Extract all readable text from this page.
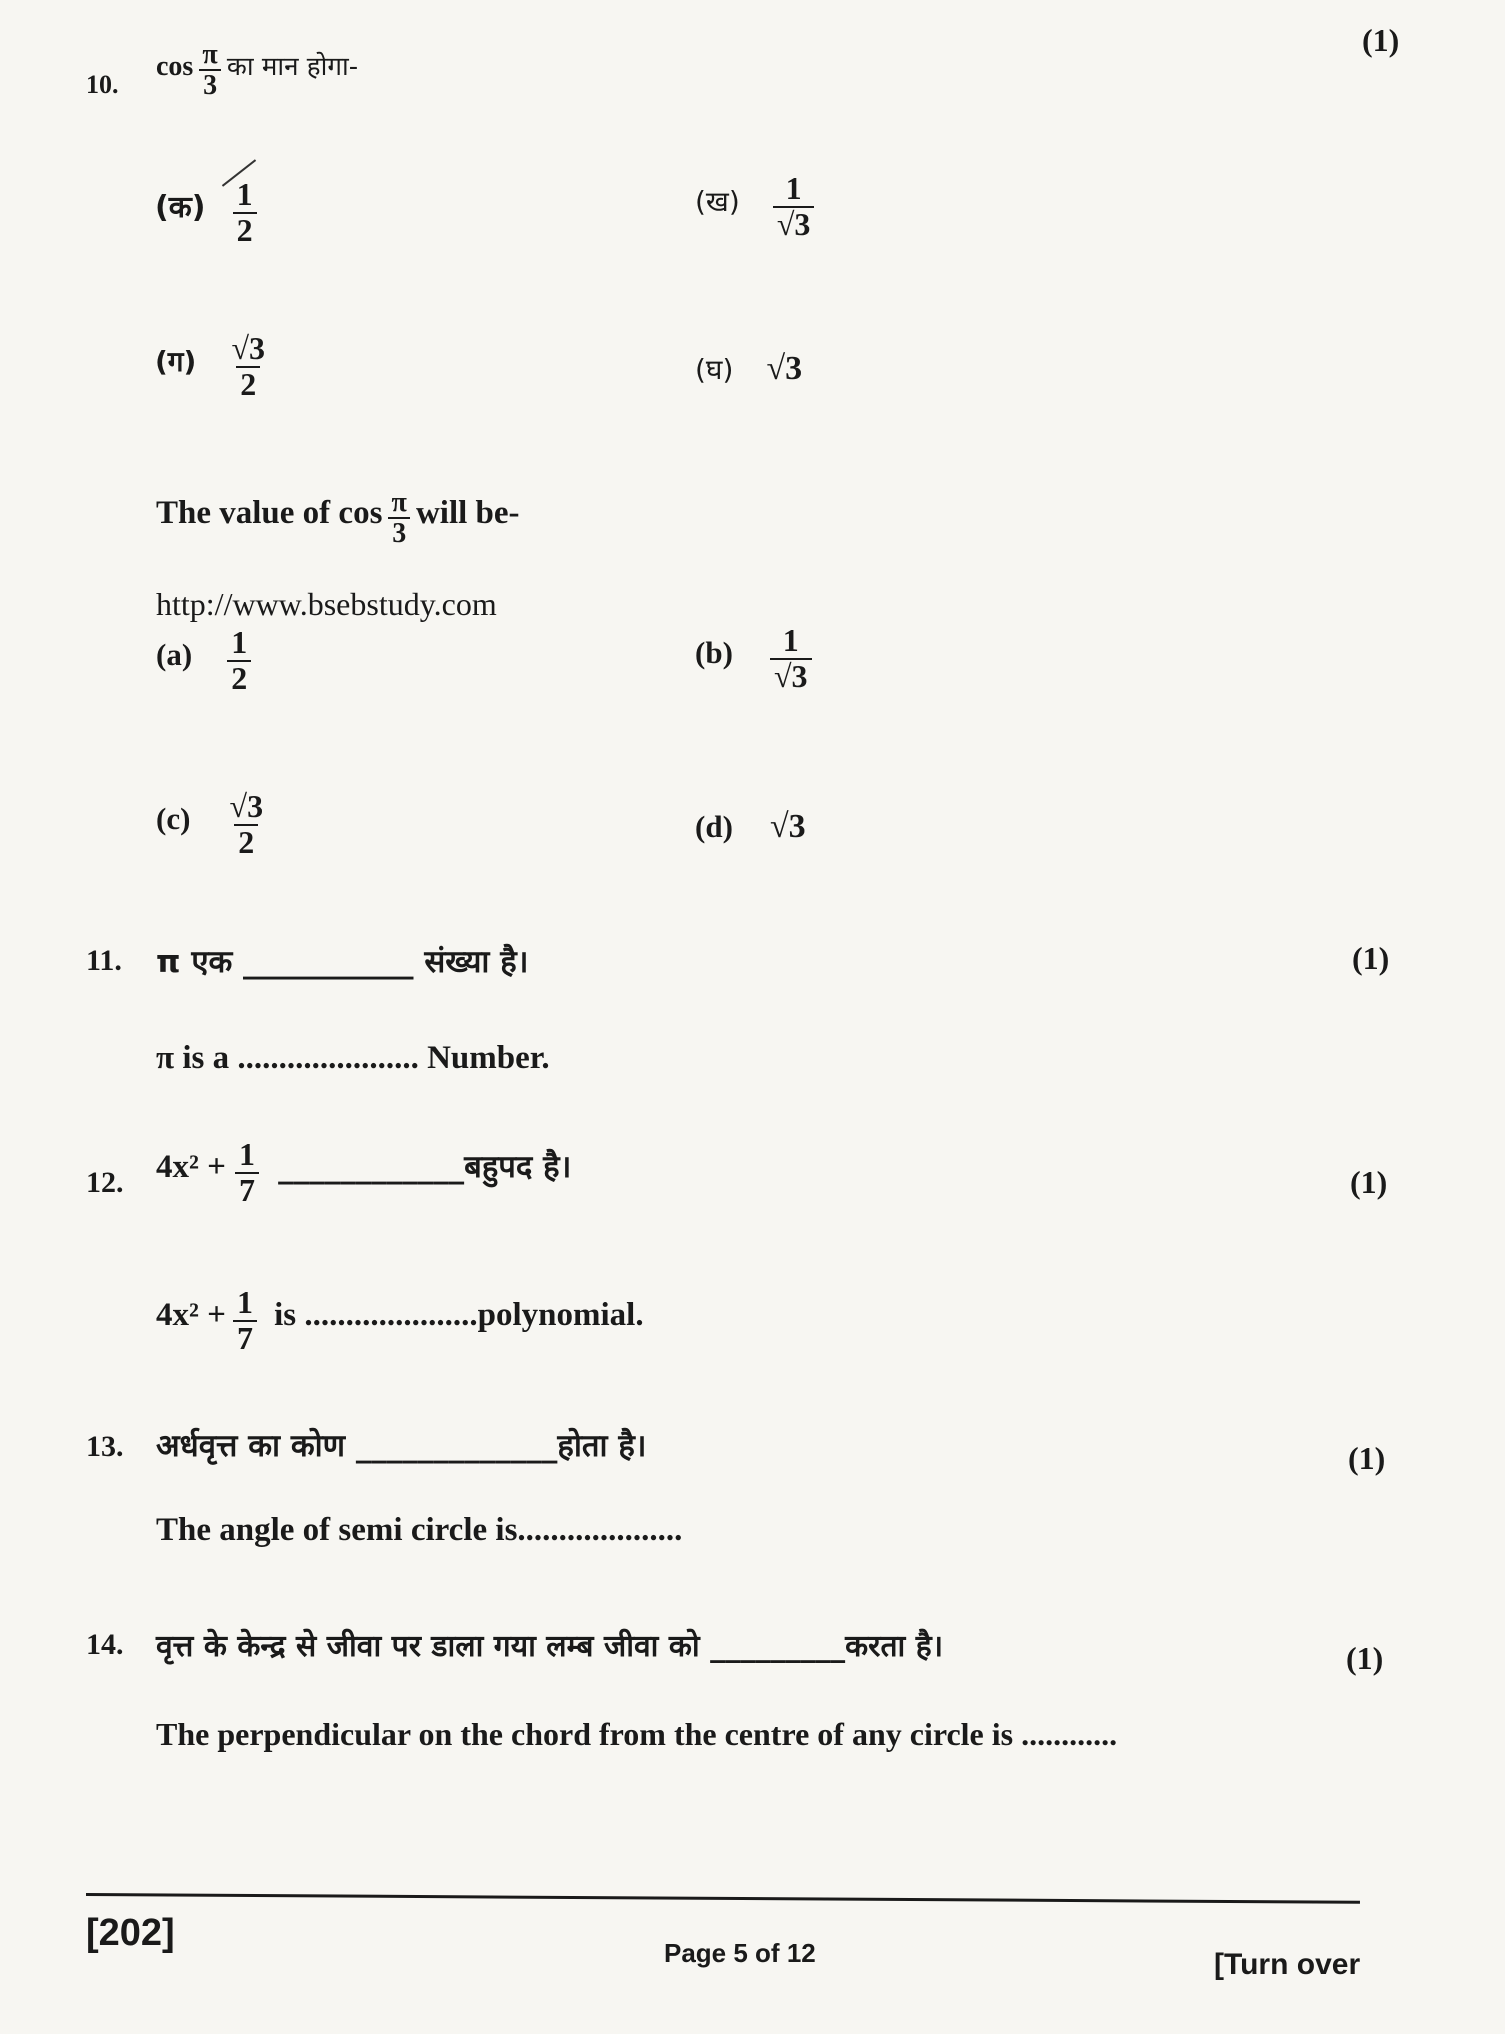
(1)
10.
$\cos \frac{\pi}{3}$ का मान होगा-
(क) $\frac{1}{2}$	(ख) $\frac{1}{√3}$
(ग) $\frac{√3}{2}$	(घ) √3
The value of $\cos \frac{\pi}{3}$ will be-
http://www.bsebstudy.com
$(a) \frac{1}{2}$	$(b) \frac{1}{√3}$
$(c) \frac{√3}{2}$	(d) √3
11. π एक ___________ संख्या है।	(1)
π is a ...................... Number.
12. $4x^2 + \frac{1}{7}$ ____________बहुपद है।	(1)
$4x^2 + \frac{1}{7}$ is .....................polynomial.
13. अर्धवृत्त का कोण _____________होता है।	(1)
The angle of semi circle is....................
14. वृत्त के केन्द्र से जीवा पर डाला गया लम्ब जीवा को _________करता है।	(1)
The perpendicular on the chord from the centre of any circle is ............
[202]	Page 5 of 12	[Turn over
